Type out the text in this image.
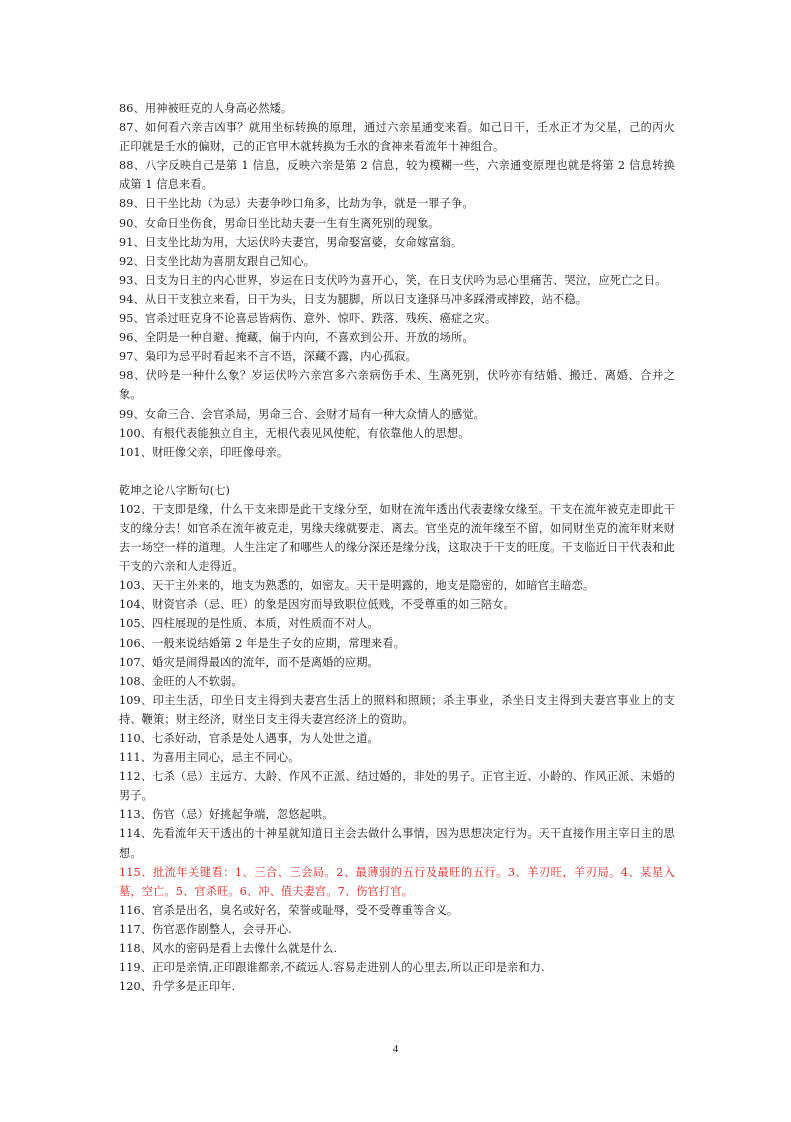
86、用神被旺克的人身高必然矮。

87、如何看六亲吉凶事？就用坐标转换的原理，通过六亲星通变来看。如己日干，壬水正才为父星，己的丙火正印就是壬水的偏财，己的正官甲木就转换为壬水的食神来看流年十神组合。

88、八字反映自己是第 1 信息，反映六亲是第 2 信息，较为模糊一些，六亲通变原理也就是将第 2 信息转换成第 1 信息来看。

89、日干坐比劫（为忌）夫妻争吵口角多，比劫为争，就是一罪子争。

90、女命日坐伤食，男命日坐比劫夫妻一生有生离死别的现象。

91、日支坐比劫为用，大运伏吟夫妻宫，男命娶富婆，女命嫁富翁。

92、日支坐比劫为喜朋友跟自己知心。

93、日支为日主的内心世界，岁运在日支伏吟为喜开心，笑，在日支伏吟为忌心里痛苦、哭泣，应死亡之日。

94、从日干支独立来看，日干为头，日支为腿脚，所以日支逢驿马冲多踩滑或摔跤，站不稳。

95、官杀过旺克身不论喜忌皆病伤、意外、惊吓、跌落、残疾、癌症之灾。

96、全阴是一种自避、掩藏，偏于内向，不喜欢到公开、开放的场所。

97、枭印为忌平时看起来不言不语，深藏不露，内心孤寂。

98、伏吟是一种什么象？岁运伏吟六亲宫多六亲病伤手术、生离死别，伏吟亦有结婚、搬迁、离婚、合并之象。

99、女命三合、会官杀局，男命三合、会财才局有一种大众情人的感觉。

100、有根代表能独立自主，无根代表见风使舵，有依靠他人的思想。

101、财旺像父亲，印旺像母亲。

乾坤之论八字断句(七)

102、干支即是缘，什么干支来即是此干支缘分至，如财在流年透出代表妻缘女缘至。干支在流年被克走即此干支的缘分去！如官杀在流年被克走，男缘夫缘就要走、离去。官坐克的流年缘至不留，如同财坐克的流年财来财去一场空一样的道理。人生注定了和哪些人的缘分深还是缘分浅，这取决于干支的旺度。干支临近日干代表和此干支的六亲和人走得近。

103、天干主外来的，地支为熟悉的，如密友。天干是明露的，地支是隐密的，如暗官主暗恋。

104、财资官杀（忌、旺）的象是因穷而导致职位低贱，不受尊重的如三陪女。

105、四柱展现的是性质、本质，对性质而不对人。

106、一般来说结婚第 2 年是生子女的应期，常理来看。

107、婚灾是闹得最凶的流年，而不是离婚的应期。

108、金旺的人不软弱。

109、印主生活，印坐日支主得到夫妻宫生活上的照料和照顾；杀主事业，杀坐日支主得到夫妻宫事业上的支持、鞭策；财主经济，财坐日支主得夫妻宫经济上的资助。

110、七杀好动，官杀是处人遇事，为人处世之道。

111、为喜用主同心，忌主不同心。

112、七杀（忌）主远方、大龄、作风不正派、结过婚的，非处的男子。正官主近、小龄的、作风正派、未婚的男子。

113、伤官（忌）好挑起争端，忽悠起哄。

114、先看流年天干透出的十神星就知道日主会去做什么事情，因为思想决定行为。天干直接作用主宰日主的思想。

115、批流年关键看：1、三合、三会局。2、最薄弱的五行及最旺的五行。3、羊刃旺，羊刃局。4、某星入墓，空亡。5、官杀旺。6、冲、值夫妻宫。7、伤官打官。

116、官杀是出名，臭名或好名，荣誉或耻辱，受不受尊重等含义。

117、伤官恶作剧整人，会寻开心.

118、风水的密码是看上去像什么就是什么.

119、正印是亲情,正印跟谁都亲,不疏远人.容易走进别人的心里去,所以正印是亲和力.

120、升学多是正印年.

4
